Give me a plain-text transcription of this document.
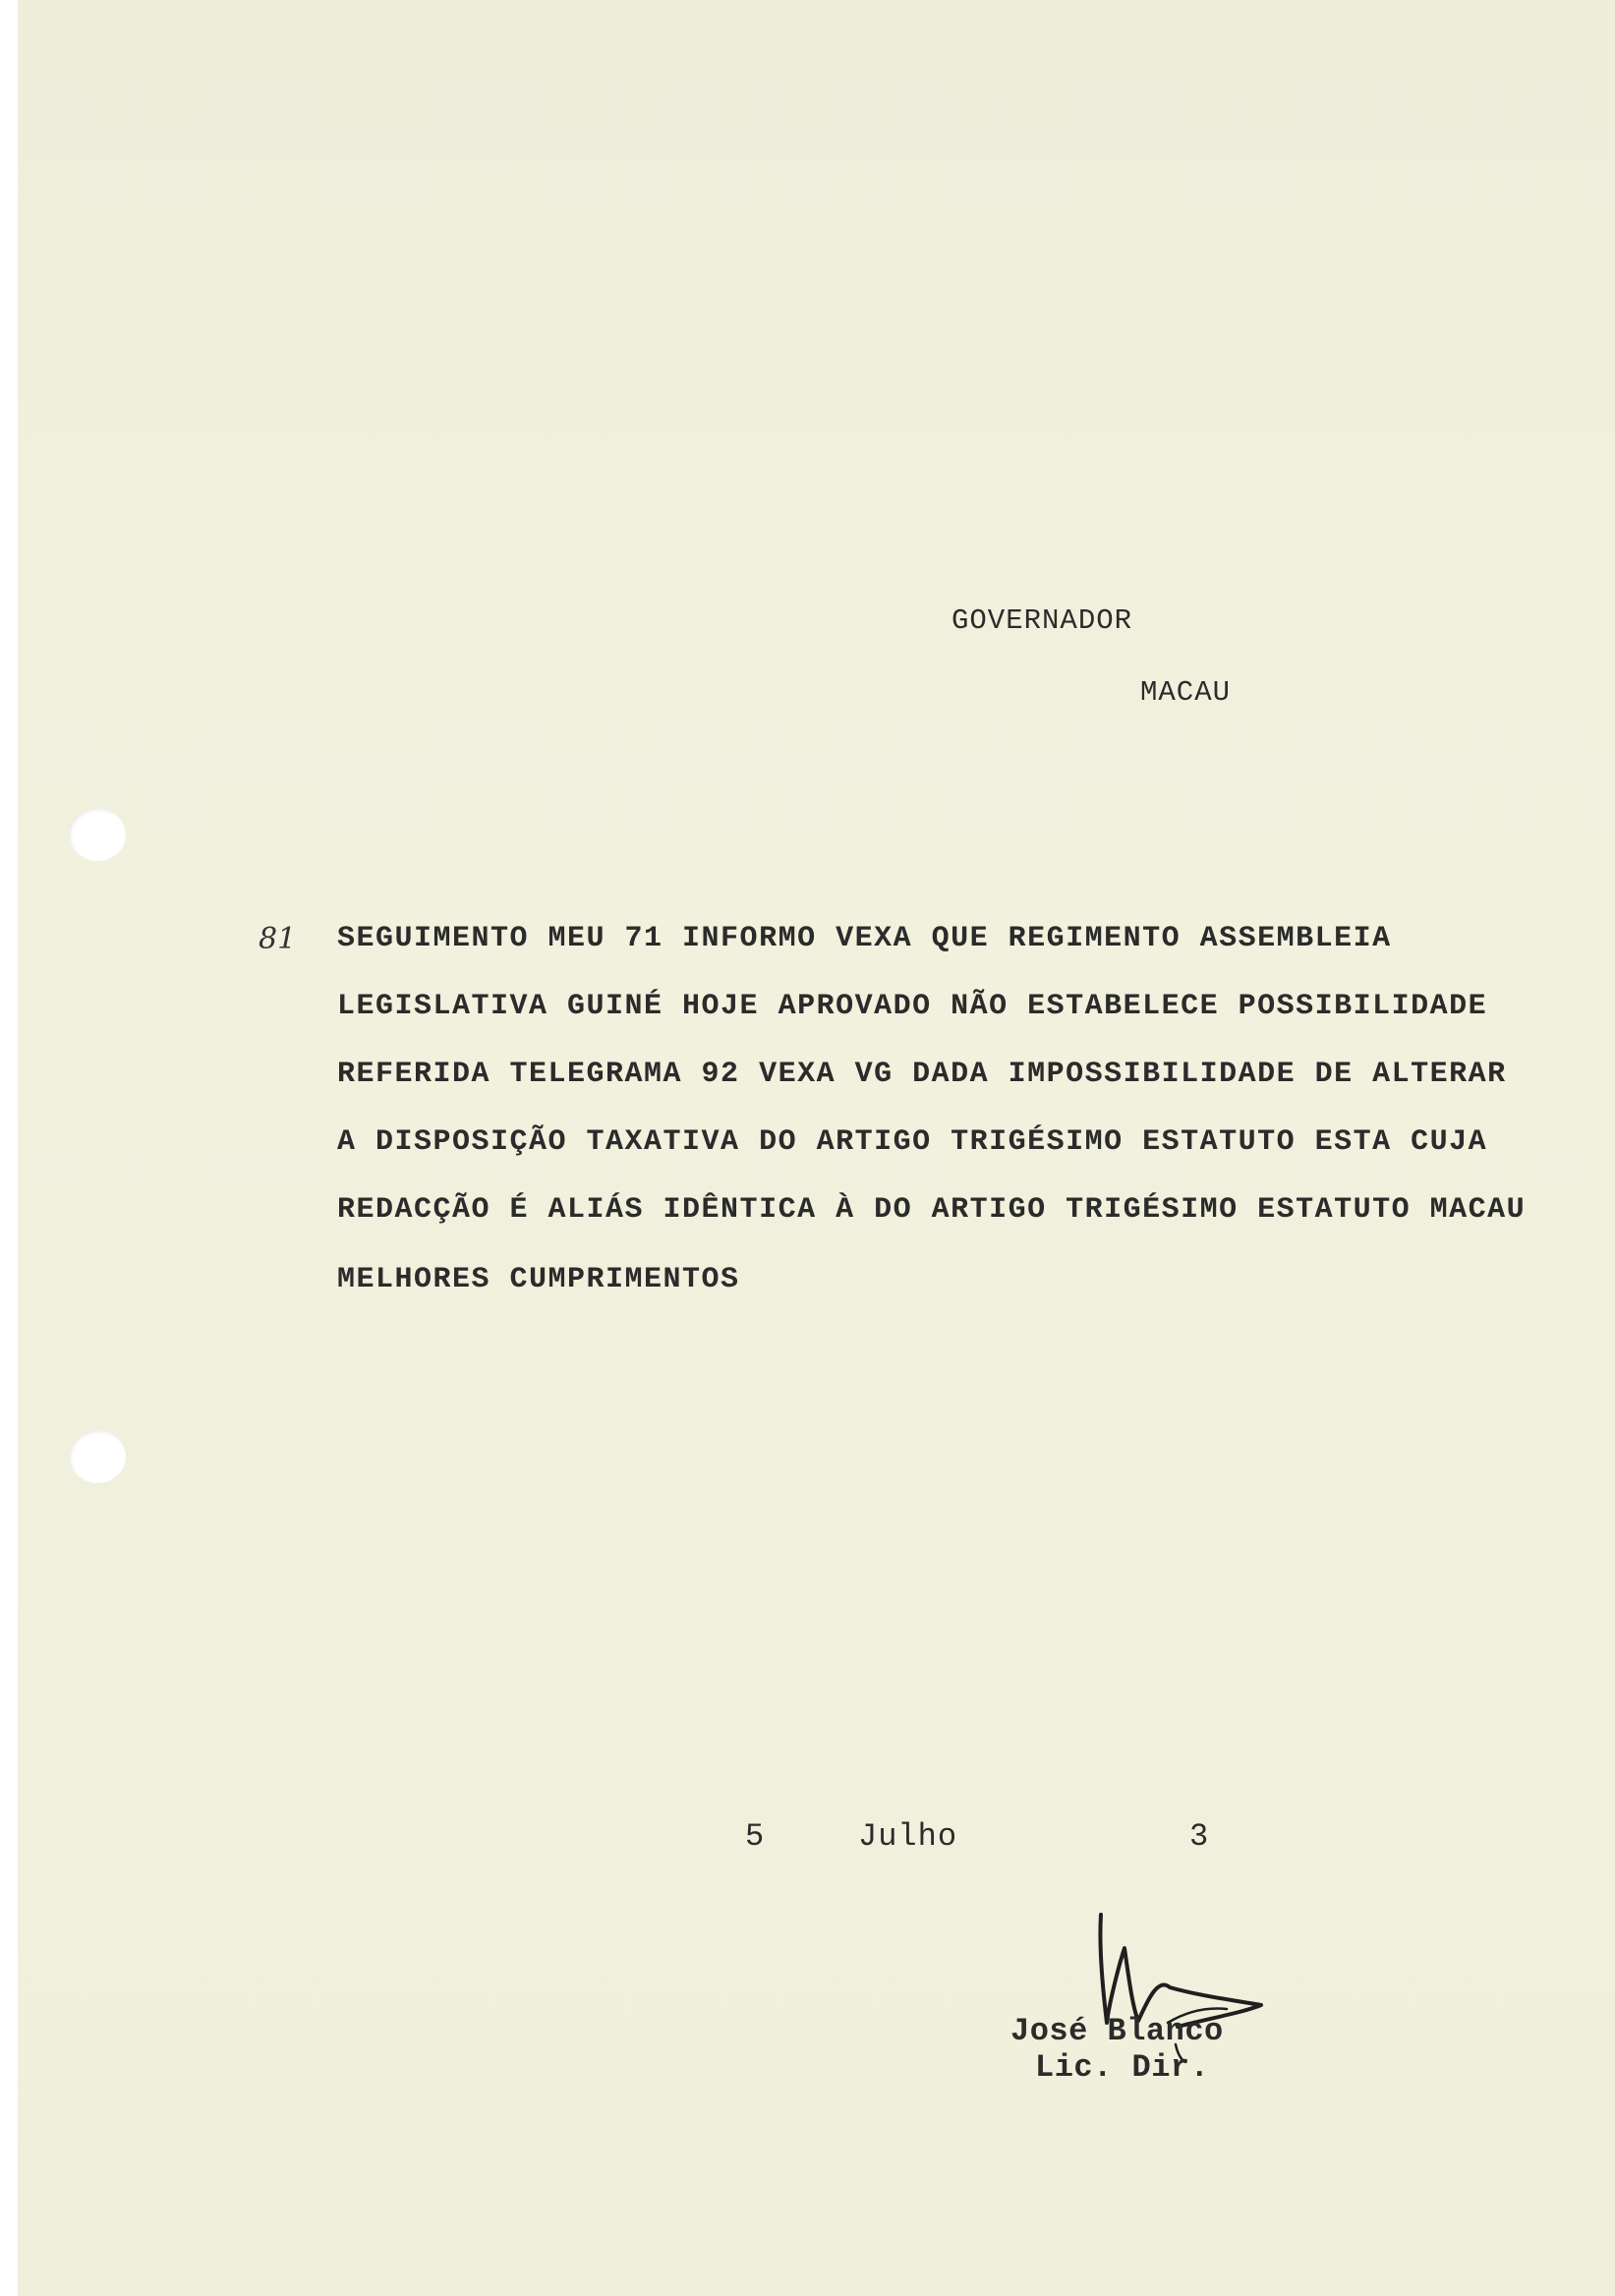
GOVERNADOR
MACAU
81 SEGUIMENTO MEU 71 INFORMO VEXA QUE REGIMENTO ASSEMBLEIA
LEGISLATIVA GUINÉ HOJE APROVADO NÃO ESTABELECE POSSIBILIDADE
REFERIDA TELEGRAMA 92 VEXA VG DADA IMPOSSIBILIDADE DE ALTERAR
A DISPOSIÇÃO TAXATIVA DO ARTIGO TRIGÉSIMO ESTATUTO ESTA CUJA
REDACÇÃO É ALIÁS IDÊNTICA À DO ARTIGO TRIGÉSIMO ESTATUTO MACAU
MELHORES CUMPRIMENTOS
5	Julho	3
José Blanco
Lic. Dir.
